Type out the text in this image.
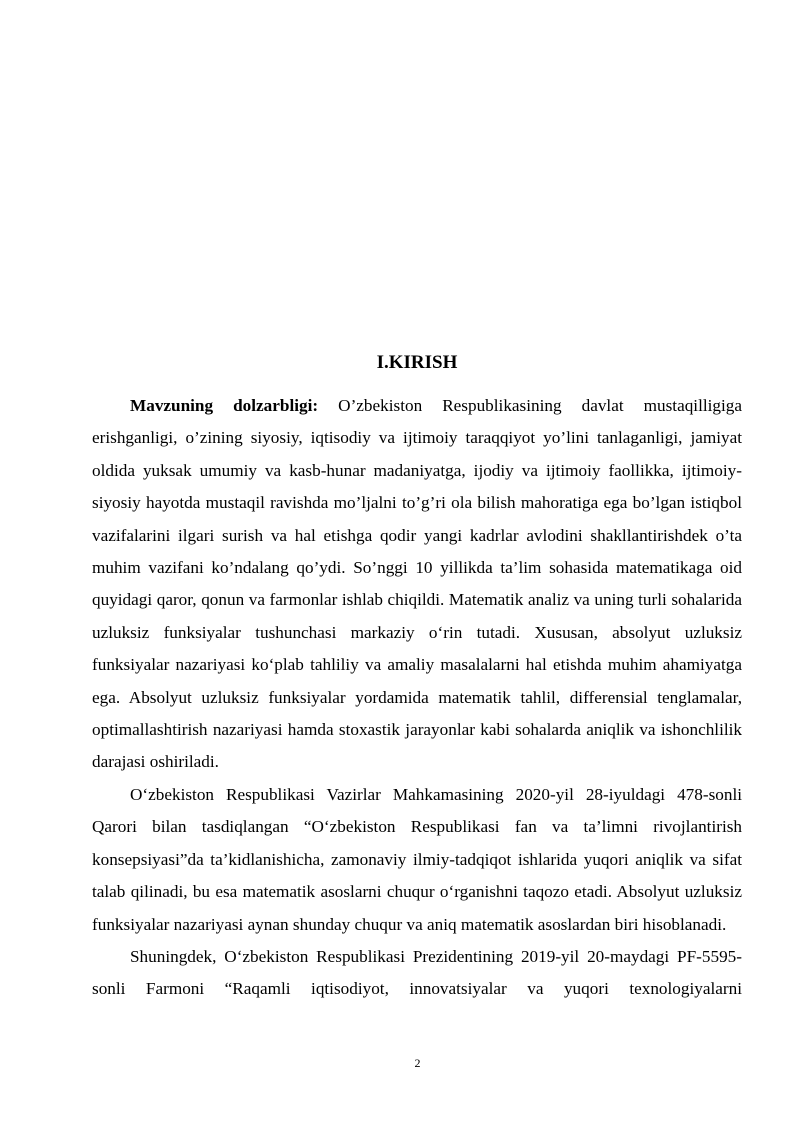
I.KIRISH

Mavzuning dolzarbligi: O’zbekiston Respublikasining davlat mustaqilligiga erishganligi, o’zining siyosiy, iqtisodiy va ijtimoiy taraqqiyot yo’lini tanlaganligi, jamiyat oldida yuksak umumiy va kasb-hunar madaniyatga, ijodiy va ijtimoiy faollikka, ijtimoiy-siyosiy hayotda mustaqil ravishda mo’ljalni to’g’ri ola bilish mahoratiga ega bo’lgan istiqbol vazifalarini ilgari surish va hal etishga qodir yangi kadrlar avlodini shakllantirishdek o’ta muhim vazifani ko’ndalang qo’ydi. So’nggi 10 yillikda ta’lim sohasida matematikaga oid quyidagi qaror, qonun va farmonlar ishlab chiqildi. Matematik analiz va uning turli sohalarida uzluksiz funksiyalar tushunchasi markaziy o‘rin tutadi. Xususan, absolyut uzluksiz funksiyalar nazariyasi ko‘plab tahliliy va amaliy masalalarni hal etishda muhim ahamiyatga ega. Absolyut uzluksiz funksiyalar yordamida matematik tahlil, differensial tenglamalar, optimallashtirish nazariyasi hamda stoxastik jarayonlar kabi sohalarda aniqlik va ishonchlilik darajasi oshiriladi.

O‘zbekiston Respublikasi Vazirlar Mahkamasining 2020-yil 28-iyuldagi 478-sonli Qarori bilan tasdiqlangan “O‘zbekiston Respublikasi fan va ta’limni rivojlantirish konsepsiyasi”da ta’kidlanishicha, zamonaviy ilmiy-tadqiqot ishlarida yuqori aniqlik va sifat talab qilinadi, bu esa matematik asoslarni chuqur o‘rganishni taqozo etadi. Absolyut uzluksiz funksiyalar nazariyasi aynan shunday chuqur va aniq matematik asoslardan biri hisoblanadi.

Shuningdek, O‘zbekiston Respublikasi Prezidentining 2019-yil 20-maydagi PF-5595-sonli Farmoni “Raqamli iqtisodiyot, innovatsiyalar va yuqori texnologiyalarni

2
